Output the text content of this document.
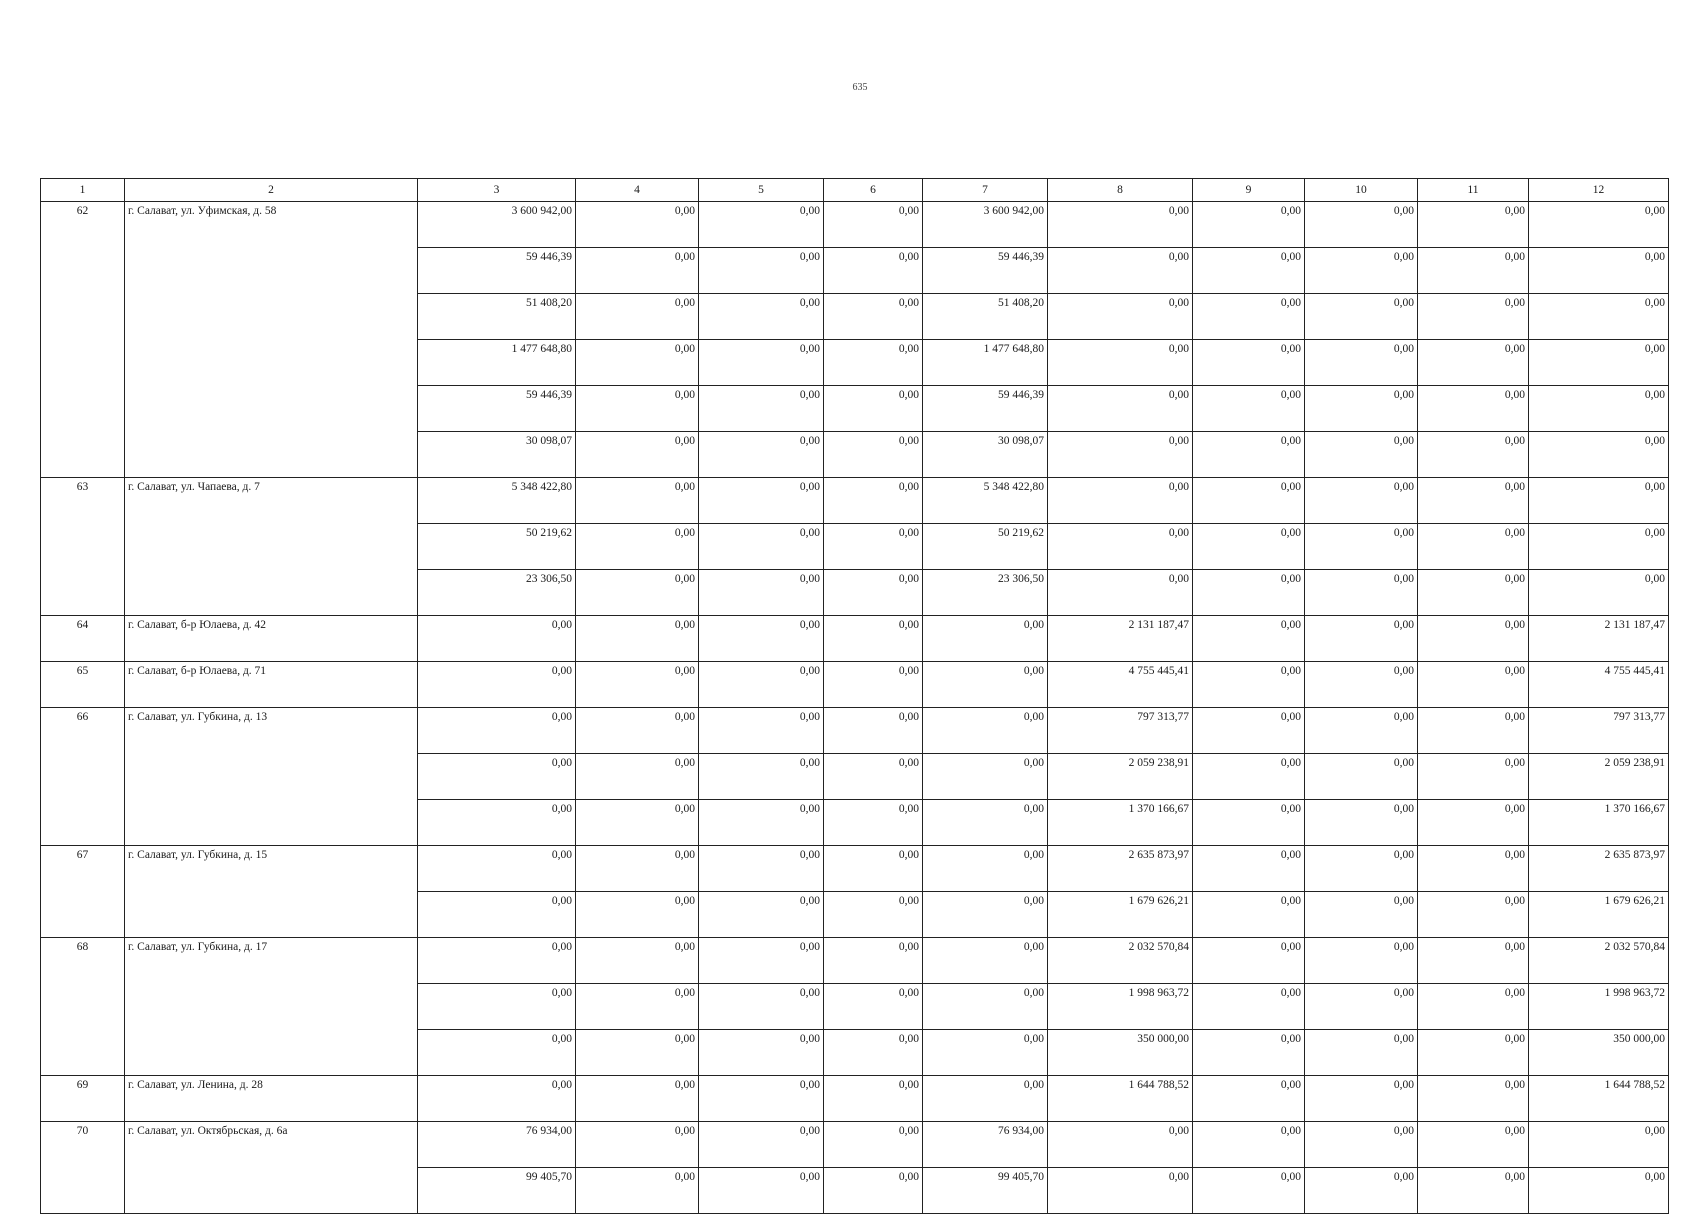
635
1	2	3	4	5	6	7	8	9	10	11	12
62	г. Салават, ул. Уфимская, д. 58	3 600 942,00	0,00	0,00	0,00	3 600 942,00	0,00	0,00	0,00	0,00	0,00
		59 446,39	0,00	0,00	0,00	59 446,39	0,00	0,00	0,00	0,00	0,00
		51 408,20	0,00	0,00	0,00	51 408,20	0,00	0,00	0,00	0,00	0,00
		1 477 648,80	0,00	0,00	0,00	1 477 648,80	0,00	0,00	0,00	0,00	0,00
		59 446,39	0,00	0,00	0,00	59 446,39	0,00	0,00	0,00	0,00	0,00
		30 098,07	0,00	0,00	0,00	30 098,07	0,00	0,00	0,00	0,00	0,00
63	г. Салават, ул. Чапаева, д. 7	5 348 422,80	0,00	0,00	0,00	5 348 422,80	0,00	0,00	0,00	0,00	0,00
		50 219,62	0,00	0,00	0,00	50 219,62	0,00	0,00	0,00	0,00	0,00
		23 306,50	0,00	0,00	0,00	23 306,50	0,00	0,00	0,00	0,00	0,00
64	г. Салават, б-р Юлаева, д. 42	0,00	0,00	0,00	0,00	0,00	2 131 187,47	0,00	0,00	0,00	2 131 187,47
65	г. Салават, б-р Юлаева, д. 71	0,00	0,00	0,00	0,00	0,00	4 755 445,41	0,00	0,00	0,00	4 755 445,41
66	г. Салават, ул. Губкина, д. 13	0,00	0,00	0,00	0,00	0,00	797 313,77	0,00	0,00	0,00	797 313,77
		0,00	0,00	0,00	0,00	0,00	2 059 238,91	0,00	0,00	0,00	2 059 238,91
		0,00	0,00	0,00	0,00	0,00	1 370 166,67	0,00	0,00	0,00	1 370 166,67
67	г. Салават, ул. Губкина, д. 15	0,00	0,00	0,00	0,00	0,00	2 635 873,97	0,00	0,00	0,00	2 635 873,97
		0,00	0,00	0,00	0,00	0,00	1 679 626,21	0,00	0,00	0,00	1 679 626,21
68	г. Салават, ул. Губкина, д. 17	0,00	0,00	0,00	0,00	0,00	2 032 570,84	0,00	0,00	0,00	2 032 570,84
		0,00	0,00	0,00	0,00	0,00	1 998 963,72	0,00	0,00	0,00	1 998 963,72
		0,00	0,00	0,00	0,00	0,00	350 000,00	0,00	0,00	0,00	350 000,00
69	г. Салават, ул. Ленина, д. 28	0,00	0,00	0,00	0,00	0,00	1 644 788,52	0,00	0,00	0,00	1 644 788,52
70	г. Салават, ул. Октябрьская, д. 6а	76 934,00	0,00	0,00	0,00	76 934,00	0,00	0,00	0,00	0,00	0,00
		99 405,70	0,00	0,00	0,00	99 405,70	0,00	0,00	0,00	0,00	0,00
